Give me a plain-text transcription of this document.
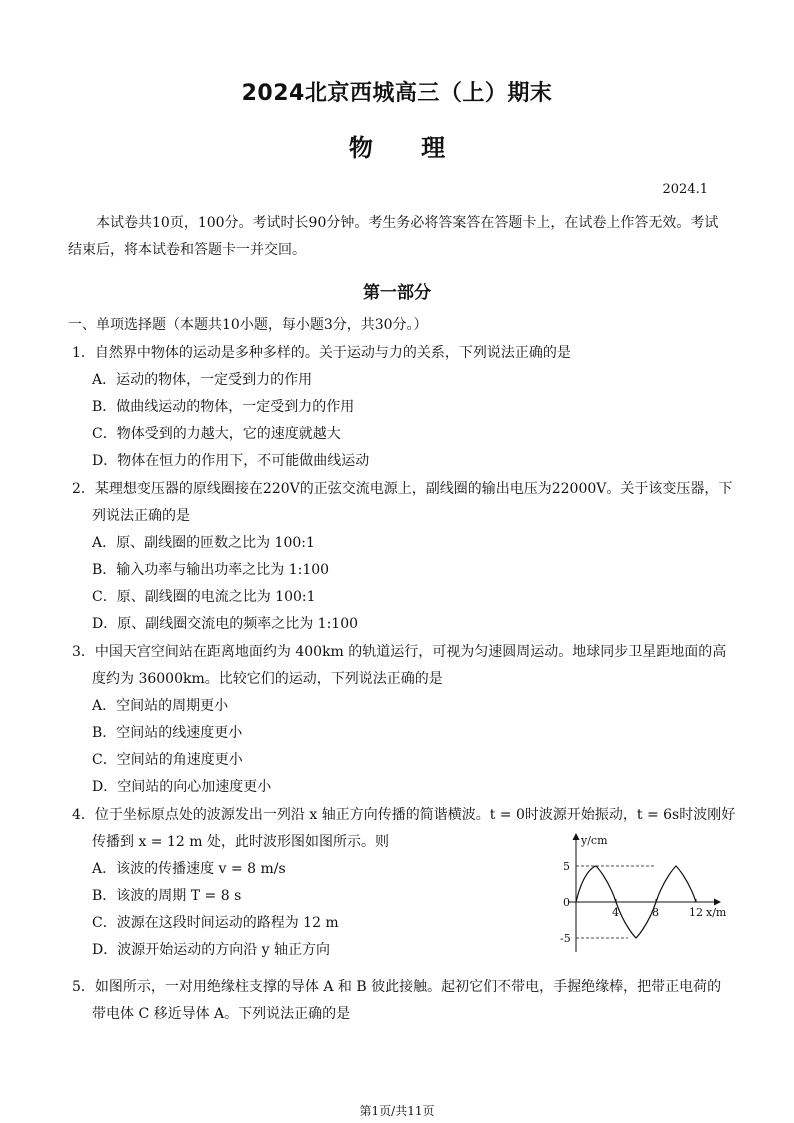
2024北京西城高三（上）期末
物 理
2024.1
本试卷共10页，100分。考试时长90分钟。考生务必将答案答在答题卡上，在试卷上作答无效。考试结束后，将本试卷和答题卡一并交回。
第一部分
一、单项选择题（本题共10小题，每小题3分，共30分。）
1．自然界中物体的运动是多种多样的。关于运动与力的关系，下列说法正确的是
A．运动的物体，一定受到力的作用
B．做曲线运动的物体，一定受到力的作用
C．物体受到的力越大，它的速度就越大
D．物体在恒力的作用下，不可能做曲线运动
2．某理想变压器的原线圈接在220V的正弦交流电源上，副线圈的输出电压为22000V。关于该变压器，下
列说法正确的是
A．原、副线圈的匝数之比为 100:1
B．输入功率与输出功率之比为 1:100
C．原、副线圈的电流之比为 100:1
D．原、副线圈交流电的频率之比为 1:100
3．中国天宫空间站在距离地面约为 400km 的轨道运行，可视为匀速圆周运动。地球同步卫星距地面的高
度约为 36000km。比较它们的运动，下列说法正确的是
A．空间站的周期更小
B．空间站的线速度更小
C．空间站的角速度更小
D．空间站的向心加速度更小
4．位于坐标原点处的波源发出一列沿 x 轴正方向传播的简谐横波。t = 0时波源开始振动，t = 6s时波刚好
传播到 x = 12 m 处，此时波形图如图所示。则
A．该波的传播速度 v = 8 m/s
B．该波的周期 T = 8 s
C．波源在这段时间运动的路程为 12 m
D．波源开始运动的方向沿 y 轴正方向
y/cm
x/m
5
0
-5
4	8	12
5．如图所示，一对用绝缘柱支撑的导体 A 和 B 彼此接触。起初它们不带电，手握绝缘棒，把带正电荷的
带电体 C 移近导体 A。下列说法正确的是
第1页/共11页
